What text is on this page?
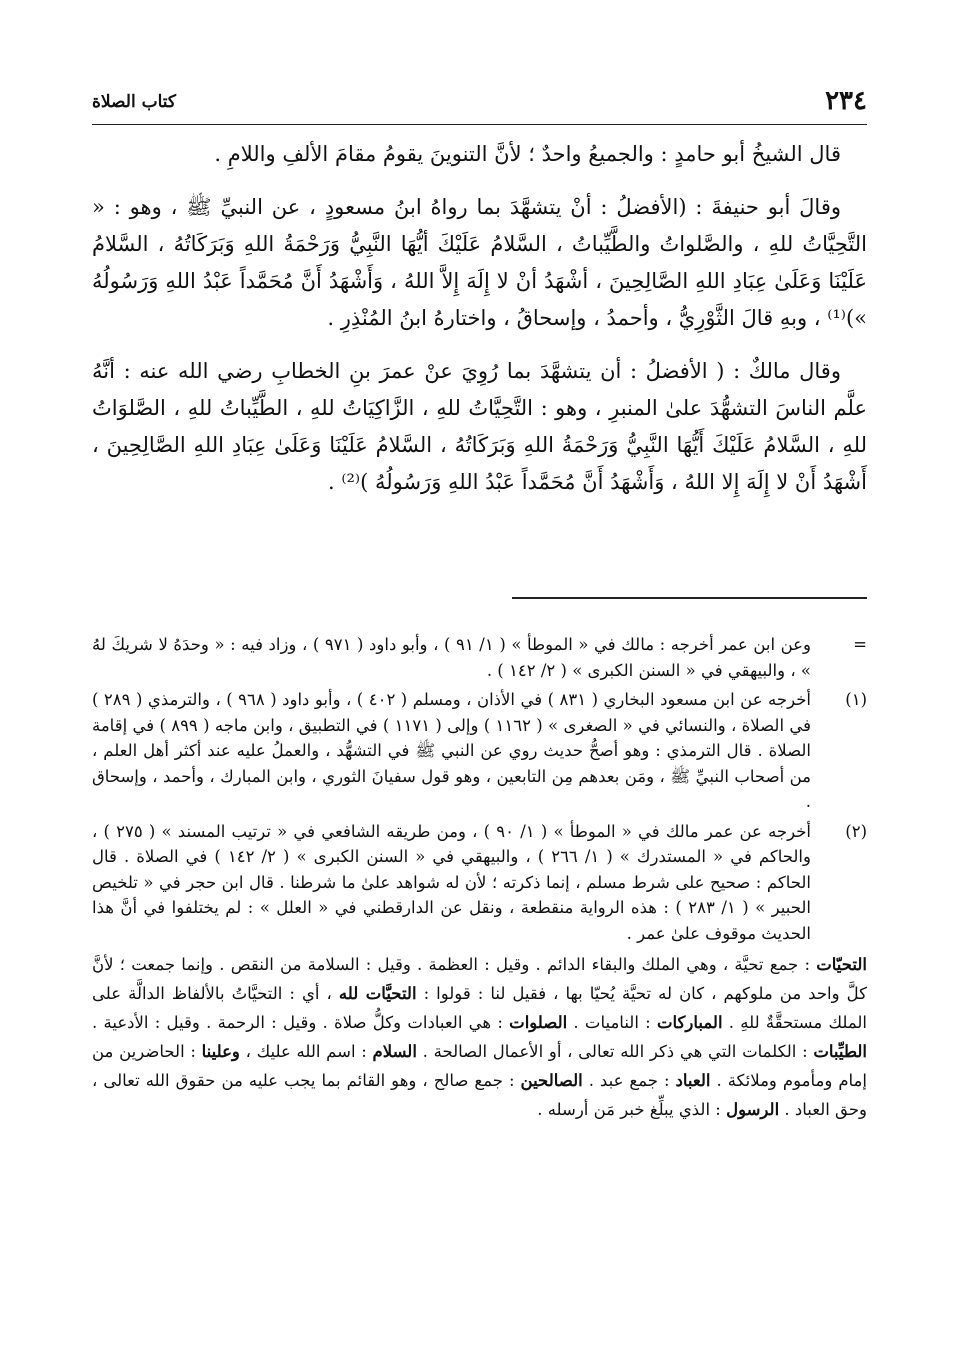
٢٣٤
كتاب الصلاة

قال الشيخُ أبو حامدٍ : والجميعُ واحدٌ ؛ لأنَّ التنوينَ يقومُ مقامَ الألفِ واللامِ .

وقالَ أبو حنيفةَ : (الأفضلُ : أنْ يتشهَّدَ بما رواهُ ابنُ مسعودٍ ، عن النبيِّ ﷺ ، وهو : « التَّحِيَّاتُ للهِ ، والصَّلواتُ والطَّيِّباتُ ، السَّلامُ عَلَيْكَ أيُّهَا النَّبِيُّ وَرَحْمَةُ اللهِ وَبَرَكَاتُهُ ، السَّلامُ عَلَيْنَا وَعَلَىٰ عِبَادِ اللهِ الصَّالِحِينَ ، أشْهَدُ أنْ لا إِلَهَ إِلاَّ اللهُ ، وَأَشْهَدُ أَنَّ مُحَمَّداً عَبْدُ اللهِ وَرَسُولُهُ »)⁽¹⁾ ، وبهِ قالَ الثَّوْرِيُّ ، وأحمدُ ، وإسحاقُ ، واختارهُ ابنُ المُنْذِرِ .

وقال مالكٌ : ( الأفضلُ : أن يتشهَّدَ بما رُوِيَ عنْ عمرَ بنِ الخطابِ رضي الله عنه : أنَّهُ علَّم الناسَ التشهُّدَ علىٰ المنبرِ ، وهو : التَّحِيَّاتُ للهِ ، الزَّاكِيَاتُ للهِ ، الطَّيِّباتُ للهِ ، الصَّلوَاتُ للهِ ، السَّلامُ عَلَيْكَ أَيُّهَا النَّبِيُّ وَرَحْمَةُ اللهِ وَبَرَكَاتُهُ ، السَّلامُ عَلَيْنَا وَعَلَىٰ عِبَادِ اللهِ الصَّالِحِينَ ، أَشْهَدُ أَنْ لا إِلَهَ إِلا اللهُ ، وَأَشْهَدُ أَنَّ مُحَمَّداً عَبْدُ اللهِ وَرَسُولُهُ )⁽²⁾ .

=
وعن ابن عمر أخرجه : مالك في « الموطأ » ( ١/ ٩١ ) ، وأبو داود ( ٩٧١ ) ، وزاد فيه : « وحدَهُ لا شريكَ لهُ » ، والبيهقي في « السنن الكبرى » ( ٢/ ١٤٢ ) .
(١)
أخرجه عن ابن مسعود البخاري ( ٨٣١ ) في الأذان ، ومسلم ( ٤٠٢ ) ، وأبو داود ( ٩٦٨ ) ، والترمذي ( ٢٨٩ ) في الصلاة ، والنسائي في « الصغرى » ( ١١٦٢ ) وإلى ( ١١٧١ ) في التطبيق ، وابن ماجه ( ٨٩٩ ) في إقامة الصلاة . قال الترمذي : وهو أصحُّ حديث روي عن النبي ﷺ في التشهُّد ، والعملُ عليه عند أكثر أهل العلم ، من أصحاب النبيِّ ﷺ ، ومَن بعدهم مِن التابعين ، وهو قول سفيانَ الثوري ، وابن المبارك ، وأحمد ، وإسحاق .
(٢)
أخرجه عن عمر مالك في « الموطأ » ( ١/ ٩٠ ) ، ومن طريقه الشافعي في « ترتيب المسند » ( ٢٧٥ ) ، والحاكم في « المستدرك » ( ١/ ٢٦٦ ) ، والبيهقي في « السنن الكبرى » ( ٢/ ١٤٢ ) في الصلاة . قال الحاكم : صحيح على شرط مسلم ، إنما ذكرته ؛ لأن له شواهد علىٰ ما شرطنا . قال ابن حجر في « تلخيص الحبير » ( ١/ ٢٨٣ ) : هذه الرواية منقطعة ، ونقل عن الدارقطني في « العلل » : لم يختلفوا في أنَّ هذا الحديث موقوف علىٰ عمر .
التحيّات : جمع تحيَّة ، وهي الملك والبقاء الدائم . وقيل : العظمة . وقيل : السلامة من النقص . وإنما جمعت ؛ لأنَّ كلَّ واحد من ملوكهم ، كان له تحيَّة يُحيّا بها ، فقيل لنا : قولوا : التحيَّات لله ، أي : التحيَّاتُ بالألفاظ الدالَّة على الملك مستحقَّةٌ للهِ . المباركات : الناميات . الصلوات : هي العبادات وكلُّ صلاة . وقيل : الرحمة . وقيل : الأدعية . الطيِّبات : الكلمات التي هي ذكر الله تعالى ، أو الأعمال الصالحة . السلام : اسم الله عليك ، وعلينا : الحاضرين من إمام ومأموم وملائكة . العباد : جمع عبد . الصالحين : جمع صالح ، وهو القائم بما يجب عليه من حقوق الله تعالى ، وحق العباد . الرسول : الذي يبلِّغ خبر مَن أرسله .
